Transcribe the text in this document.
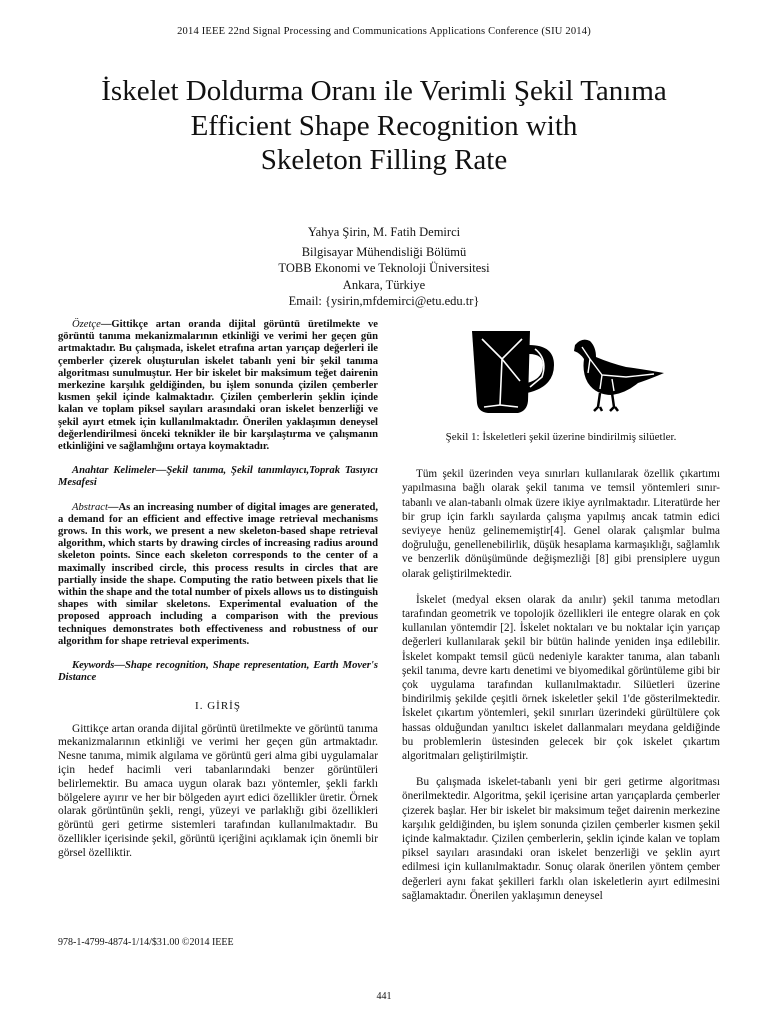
2014 IEEE 22nd Signal Processing and Communications Applications Conference (SIU 2014)
İskelet Doldurma Oranı ile Verimli Şekil Tanıma
Efficient Shape Recognition with
Skeleton Filling Rate
Yahya Şirin, M. Fatih Demirci
Bilgisayar Mühendisliği Bölümü
TOBB Ekonomi ve Teknoloji Üniversitesi
Ankara, Türkiye
Email: {ysirin,mfdemirci@etu.edu.tr}

Özetçe—Gittikçe artan oranda dijital görüntü üretilmekte ve görüntü tanıma mekanizmalarının etkinliği ve verimi her geçen gün artmaktadır. Bu çalışmada, iskelet etrafına artan yarıçap değerleri ile çemberler çizerek oluşturulan iskelet tabanlı yeni bir şekil tanıma algoritması sunulmuştur. Her bir iskelet bir maksimum teğet dairenin merkezine karşılık geldiğinden, bu işlem sonunda çizilen çemberler kısmen şekil içinde kalmaktadır. Çizilen çemberlerin şeklin içinde kalan ve toplam piksel sayıları arasındaki oran iskelet benzerliği ve şekil ayırt etmek için kullanılmaktadır. Önerilen yaklaşımın deneysel değerlendirilmesi önceki teknikler ile bir karşılaştırma ve çalışmanın etkinliğini ve sağlamlığını ortaya koymaktadır.

Anahtar Kelimeler—Şekil tanıma, Şekil tanımlayıcı,Toprak Tasıyıcı Mesafesi

Abstract—As an increasing number of digital images are generated, a demand for an efficient and effective image retrieval mechanisms grows. In this work, we present a new skeleton-based shape retrieval algorithm, which starts by drawing circles of increasing radius around skeleton points. Since each skeleton corresponds to the center of a maximally inscribed circle, this process results in circles that are partially inside the shape. Computing the ratio between pixels that lie within the shape and the total number of pixels allows us to distinguish shapes with similar skeletons. Experimental evaluation of the proposed approach including a comparison with the previous techniques demonstrates both effectiveness and robustness of our algorithm for shape retrieval experiments.

Keywords—Shape recognition, Shape representation, Earth Mover's Distance

I. GİRİŞ

Gittikçe artan oranda dijital görüntü üretilmekte ve görüntü tanıma mekanizmalarının etkinliği ve verimi her geçen gün artmaktadır. Nesne tanıma, mimik algılama ve görüntü geri alma gibi uygulamalar için hedef hacimli veri tabanlarındaki benzer görüntüleri belirlemektir. Bu amaca uygun olarak bazı yöntemler, şekli farklı bölgelere ayırır ve her bir bölgeden ayırt edici özellikler üretir. Örnek olarak görüntünün şekli, rengi, yüzeyi ve parlaklığı gibi özellikleri görüntü geri getirme sistemleri tarafından kullanılmaktadır. Bu özellikler içerisinde şekil, görüntü içeriğini açıklamak için önemli bir görsel özelliktir.

978-1-4799-4874-1/14/$31.00 ©2014 IEEE

Şekil 1: İskeletleri şekil üzerine bindirilmiş silüetler.

Tüm şekil üzerinden veya sınırları kullanılarak özellik çıkartımı yapılmasına bağlı olarak şekil tanıma ve temsil yöntemleri sınır-tabanlı ve alan-tabanlı olmak üzere ikiye ayrılmaktadır. Literatürde her bir grup için farklı sayılarda çalışma yapılmış ancak tatmin edici seviyeye henüz gelinememiştir[4]. Genel olarak çalışmlar bulma doğruluğu, genellenebilirlik, düşük hesaplama karmaşıklığı, sağlamlık ve benzerlik dönüşümünde değişmezliği [8] gibi prensiplere uygun olarak geliştirilmektedir.

İskelet (medyal eksen olarak da anılır) şekil tanıma metodları tarafından geometrik ve topolojik özellikleri ile entegre olarak en çok kullanılan yöntemdir [2]. İskelet noktaları ve bu noktalar için yarıçap değerleri kullanılarak şekil bir bütün halinde yeniden inşa edilebilir. İskelet kompakt temsil gücü nedeniyle karakter tanıma, alan tabanlı şekil tanıma, devre kartı denetimi ve biyomedikal görüntüleme gibi bir çok uygulama tarafından kullanılmaktadır. Silüetleri üzerine bindirilmiş şekilde çeşitli örnek iskeletler şekil 1'de gösterilmektedir. İskelet çıkartım yöntemleri, şekil sınırları üzerindeki gürültülere çok hassas olduğundan yanıltıcı iskelet dallanmaları meydana geldiğinde bu problemlerin üstesinden gelecek bir çok iskelet çıkartım algoritmaları geliştirilmiştir.

Bu çalışmada iskelet-tabanlı yeni bir geri getirme algoritması önerilmektedir. Algoritma, şekil içerisine artan yarıçaplarda çemberler çizerek başlar. Her bir iskelet bir maksimum teğet dairenin merkezine karşılık geldiğinden, bu işlem sonunda çizilen çemberler kısmen şekil içinde kalmaktadır. Çizilen çemberlerin, şeklin içinde kalan ve toplam piksel sayıları arasındaki oran iskelet benzerliği ve şeklin ayırt edilmesi için kullanılmaktadır. Sonuç olarak önerilen yöntem çember değerleri aynı fakat şekilleri farklı olan iskeletlerin ayırt edilmesini sağlamaktadır. Önerilen yaklaşımın deneysel

441
